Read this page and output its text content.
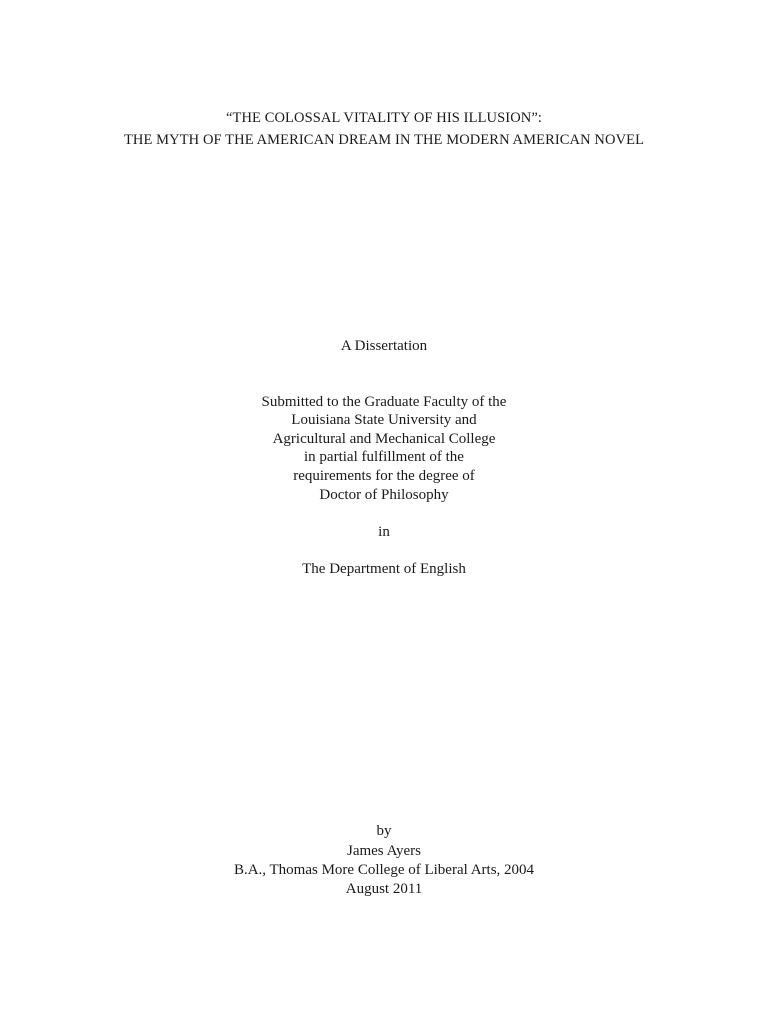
“THE COLOSSAL VITALITY OF HIS ILLUSION”:
THE MYTH OF THE AMERICAN DREAM IN THE MODERN AMERICAN NOVEL
A Dissertation
Submitted to the Graduate Faculty of the
Louisiana State University and
Agricultural and Mechanical College
in partial fulfillment of the
requirements for the degree of
Doctor of Philosophy
in
The Department of English
by
James Ayers
B.A., Thomas More College of Liberal Arts, 2004
August 2011
